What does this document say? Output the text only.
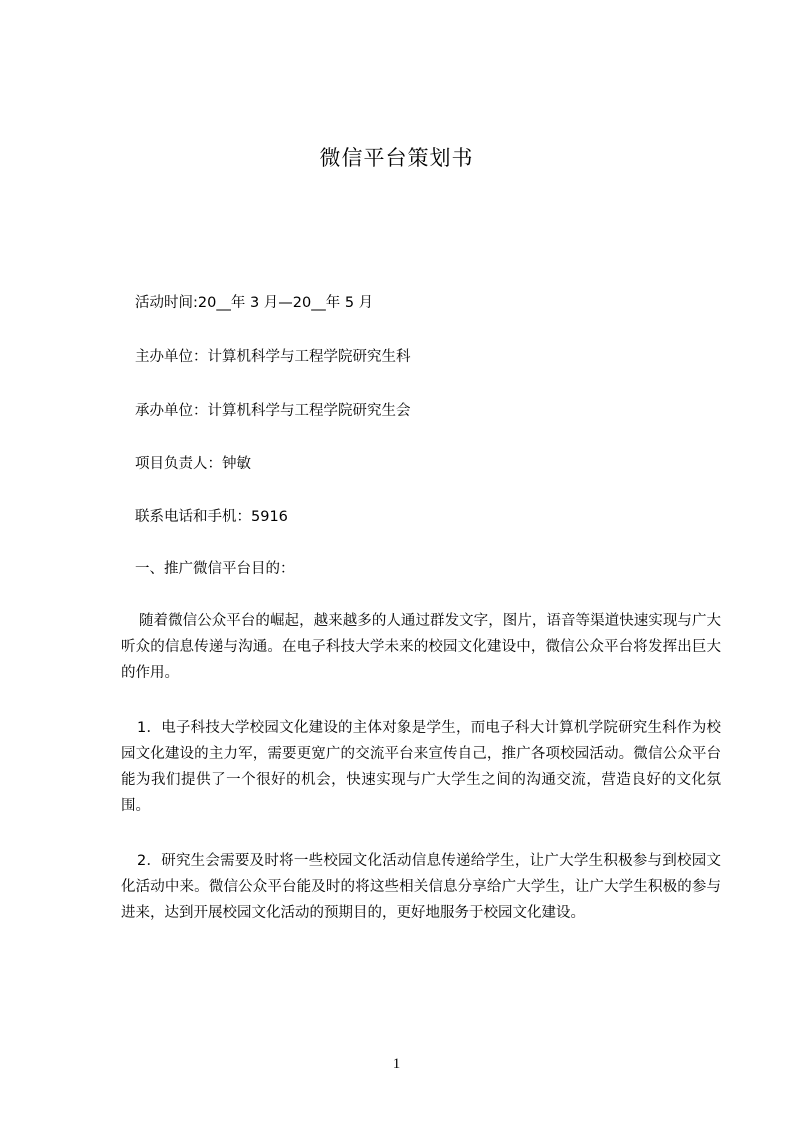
微信平台策划书
活动时间:20__年 3 月—20__年 5 月
主办单位：计算机科学与工程学院研究生科
承办单位：计算机科学与工程学院研究生会
项目负责人：钟敏
联系电话和手机：5916
一、推广微信平台目的：
随着微信公众平台的崛起，越来越多的人通过群发文字，图片，语音等渠道快速实现与广大听众的信息传递与沟通。在电子科技大学未来的校园文化建设中，微信公众平台将发挥出巨大的作用。
1．电子科技大学校园文化建设的主体对象是学生，而电子科大计算机学院研究生科作为校园文化建设的主力军，需要更宽广的交流平台来宣传自己，推广各项校园活动。微信公众平台能为我们提供了一个很好的机会，快速实现与广大学生之间的沟通交流，营造良好的文化氛围。
2．研究生会需要及时将一些校园文化活动信息传递给学生，让广大学生积极参与到校园文化活动中来。微信公众平台能及时的将这些相关信息分享给广大学生，让广大学生积极的参与进来，达到开展校园文化活动的预期目的，更好地服务于校园文化建设。
1
